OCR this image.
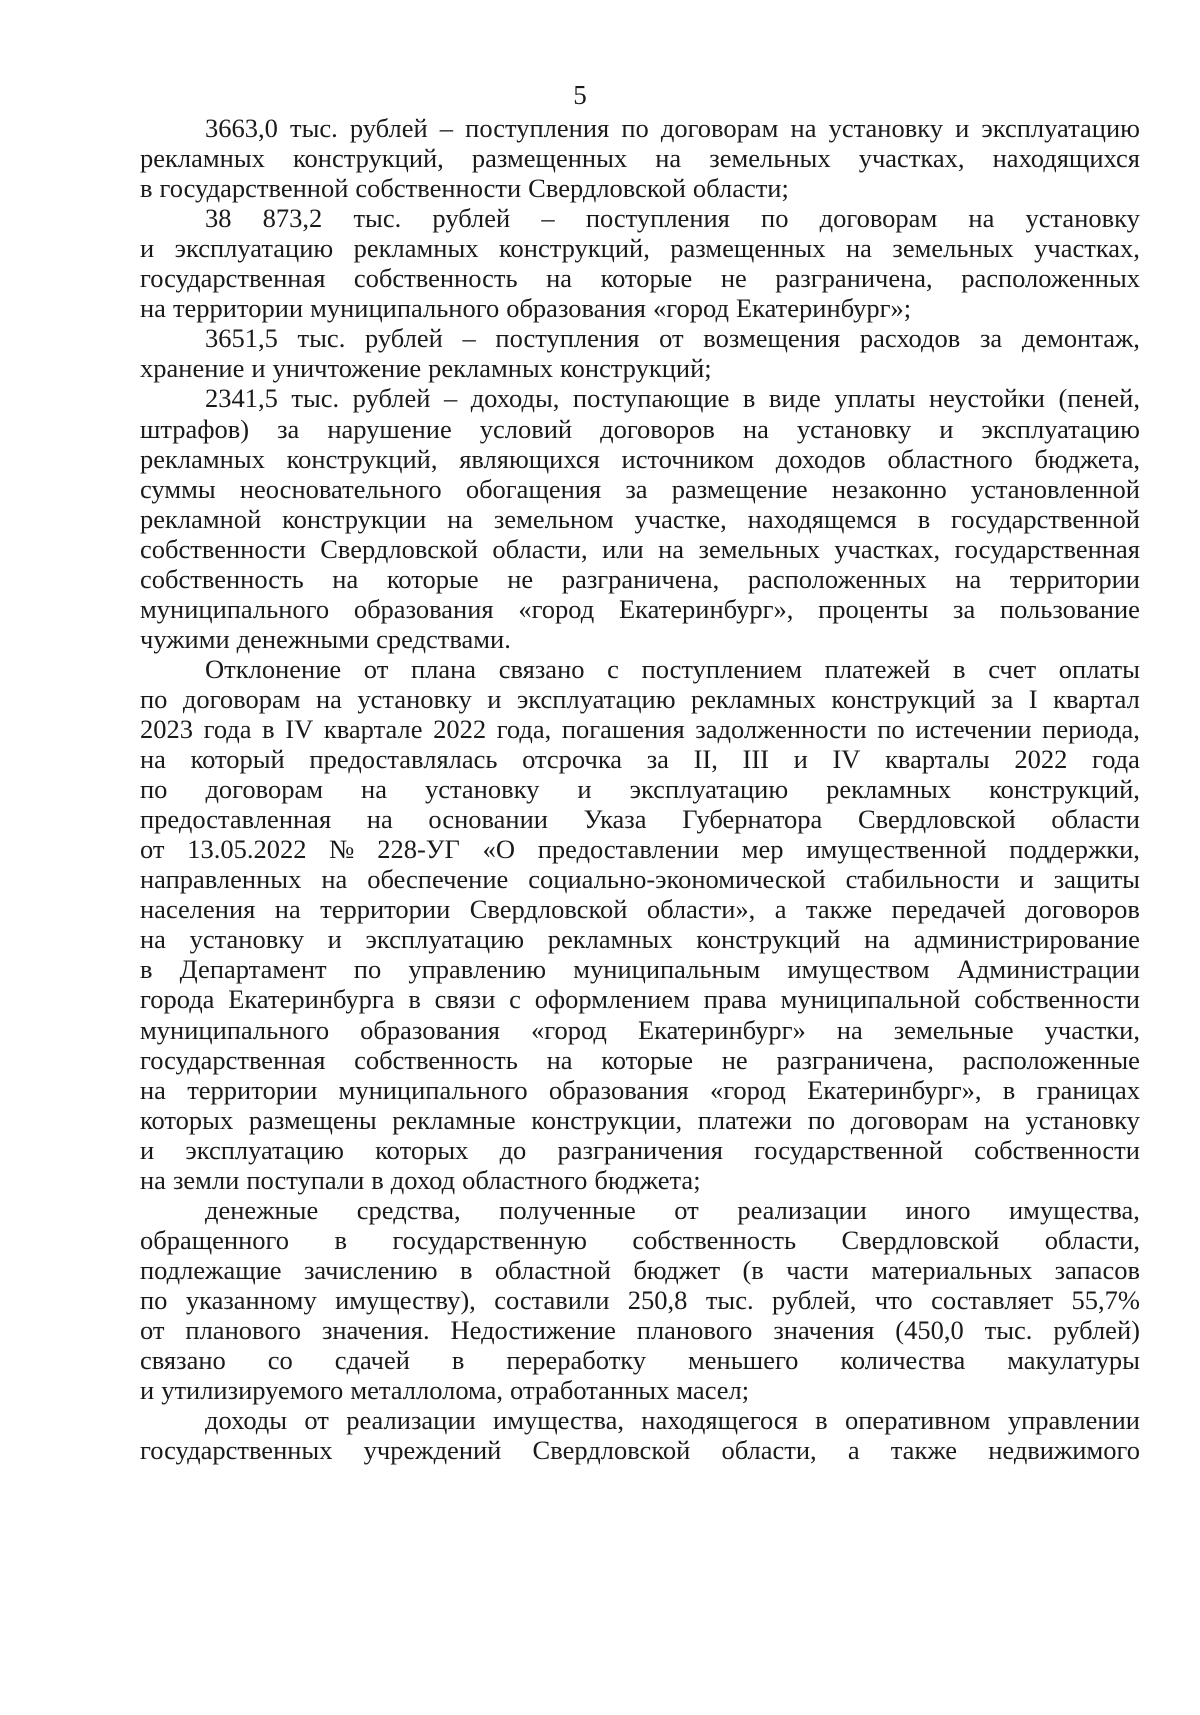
5
3663,0 тыс. рублей – поступления по договорам на установку и эксплуатацию
рекламных конструкций, размещенных на земельных участках, находящихся
в государственной собственности Свердловской области;
38 873,2 тыс. рублей – поступления по договорам на установку
и эксплуатацию рекламных конструкций, размещенных на земельных участках,
государственная собственность на которые не разграничена, расположенных
на территории муниципального образования «город Екатеринбург»;
3651,5 тыс. рублей – поступления от возмещения расходов за демонтаж,
хранение и уничтожение рекламных конструкций;
2341,5 тыс. рублей – доходы, поступающие в виде уплаты неустойки (пеней,
штрафов) за нарушение условий договоров на установку и эксплуатацию
рекламных конструкций, являющихся источником доходов областного бюджета,
суммы неосновательного обогащения за размещение незаконно установленной
рекламной конструкции на земельном участке, находящемся в государственной
собственности Свердловской области, или на земельных участках, государственная
собственность на которые не разграничена, расположенных на территории
муниципального образования «город Екатеринбург», проценты за пользование
чужими денежными средствами.
Отклонение от плана связано с поступлением платежей в счет оплаты
по договорам на установку и эксплуатацию рекламных конструкций за I квартал
2023 года в IV квартале 2022 года, погашения задолженности по истечении периода,
на который предоставлялась отсрочка за II, III и IV кварталы 2022 года
по договорам на установку и эксплуатацию рекламных конструкций,
предоставленная на основании Указа Губернатора Свердловской области
от 13.05.2022 № 228-УГ «О предоставлении мер имущественной поддержки,
направленных на обеспечение социально-экономической стабильности и защиты
населения на территории Свердловской области», а также передачей договоров
на установку и эксплуатацию рекламных конструкций на администрирование
в Департамент по управлению муниципальным имуществом Администрации
города Екатеринбурга в связи с оформлением права муниципальной собственности
муниципального образования «город Екатеринбург» на земельные участки,
государственная собственность на которые не разграничена, расположенные
на территории муниципального образования «город Екатеринбург», в границах
которых размещены рекламные конструкции, платежи по договорам на установку
и эксплуатацию которых до разграничения государственной собственности
на земли поступали в доход областного бюджета;
денежные средства, полученные от реализации иного имущества,
обращенного в государственную собственность Свердловской области,
подлежащие зачислению в областной бюджет (в части материальных запасов
по указанному имуществу), составили 250,8 тыс. рублей, что составляет 55,7%
от планового значения. Недостижение планового значения (450,0 тыс. рублей)
связано со сдачей в переработку меньшего количества макулатуры
и утилизируемого металлолома, отработанных масел;
доходы от реализации имущества, находящегося в оперативном управлении
государственных учреждений Свердловской области, а также недвижимого
